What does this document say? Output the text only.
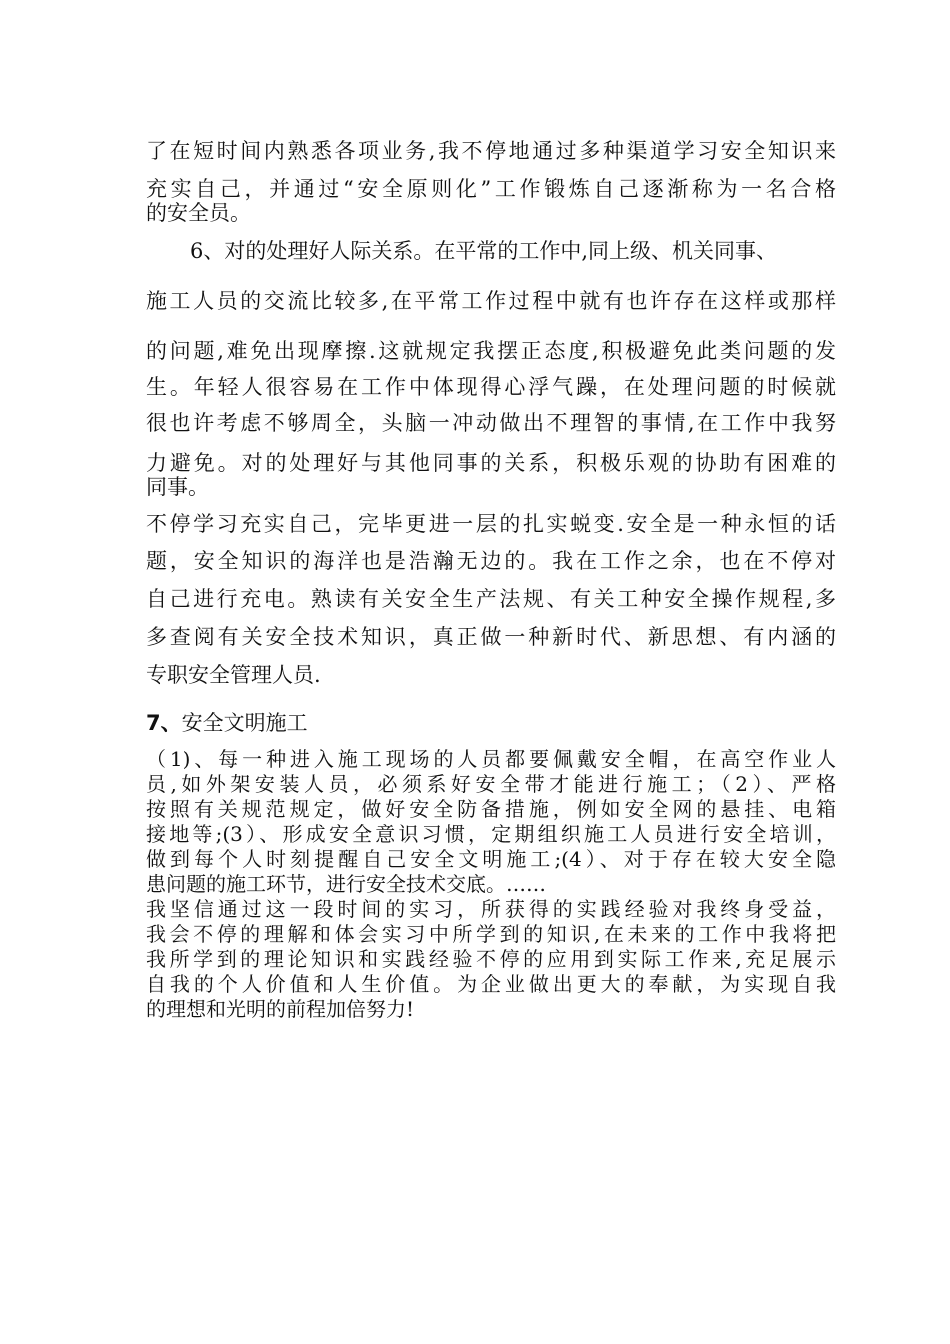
了在短时间内熟悉各项业务,我不停地通过多种渠道学习安全知识来
充实自己，并通过“安全原则化”工作锻炼自己逐渐称为一名合格
的安全员。
6、对的处理好人际关系。在平常的工作中,同上级、机关同事、
施工人员的交流比较多,在平常工作过程中就有也许存在这样或那样
的问题,难免出现摩擦.这就规定我摆正态度,积极避免此类问题的发
生。年轻人很容易在工作中体现得心浮气躁，在处理问题的时候就
很也许考虑不够周全，头脑一冲动做出不理智的事情,在工作中我努
力避免。对的处理好与其他同事的关系，积极乐观的协助有困难的
同事。
不停学习充实自己，完毕更进一层的扎实蜕变.安全是一种永恒的话
题，安全知识的海洋也是浩瀚无边的。我在工作之余，也在不停对
自己进行充电。熟读有关安全生产法规、有关工种安全操作规程,多
多查阅有关安全技术知识，真正做一种新时代、新思想、有内涵的
专职安全管理人员.
7、安全文明施工
（1)、每一种进入施工现场的人员都要佩戴安全帽，在高空作业人
员,如外架安装人员，必须系好安全带才能进行施工；（2）、严格
按照有关规范规定，做好安全防备措施，例如安全网的悬挂、电箱
接地等;(3）、形成安全意识习惯，定期组织施工人员进行安全培训，
做到每个人时刻提醒自己安全文明施工;(4）、对于存在较大安全隐
患问题的施工环节，进行安全技术交底。……
我坚信通过这一段时间的实习，所获得的实践经验对我终身受益，
我会不停的理解和体会实习中所学到的知识,在未来的工作中我将把
我所学到的理论知识和实践经验不停的应用到实际工作来,充足展示
自我的个人价值和人生价值。为企业做出更大的奉献，为实现自我
的理想和光明的前程加倍努力!
